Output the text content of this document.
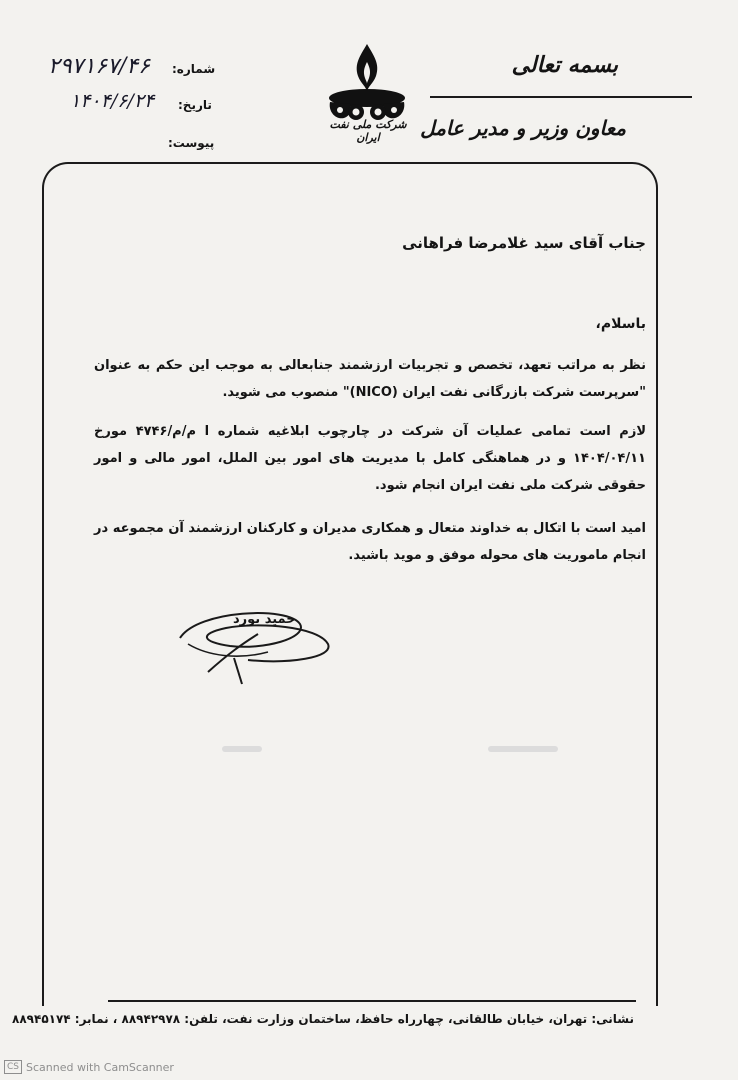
بسمه تعالی
معاون وزیر و مدیر عامل
شرکت ملی نفت ایران
شماره:
۲۹۷۱۶۷/۴۶
تاریخ:
۱۴۰۴/۶/۲۴
پیوست:
جناب آقای سید غلامرضا فراهانی
باسلام،
نظر به مراتب تعهد، تخصص و تجربیات ارزشمند جنابعالی به موجب این حکم به عنوان "سرپرست شرکت بازرگانی نفت ایران (NICO)" منصوب می شوید.
لازم است تمامی عملیات آن شرکت در چارچوب ابلاغیه شماره ا م/م/۴۷۴۶ مورخ ۱۴۰۴/۰۴/۱۱ و در هماهنگی کامل با مدیریت های امور بین الملل، امور مالی و امور حقوقی شرکت ملی نفت ایران انجام شود.
امید است با اتکال به خداوند متعال و همکاری مدیران و کارکنان ارزشمند آن مجموعه در انجام ماموریت های محوله موفق و موید باشید.
حمید بورد
نشانی: تهران، خیابان طالقانی، چهارراه حافظ، ساختمان وزارت نفت، تلفن: ۸۸۹۴۲۹۷۸ ، نمابر: ۸۸۹۴۵۱۷۴
CS Scanned with CamScanner
